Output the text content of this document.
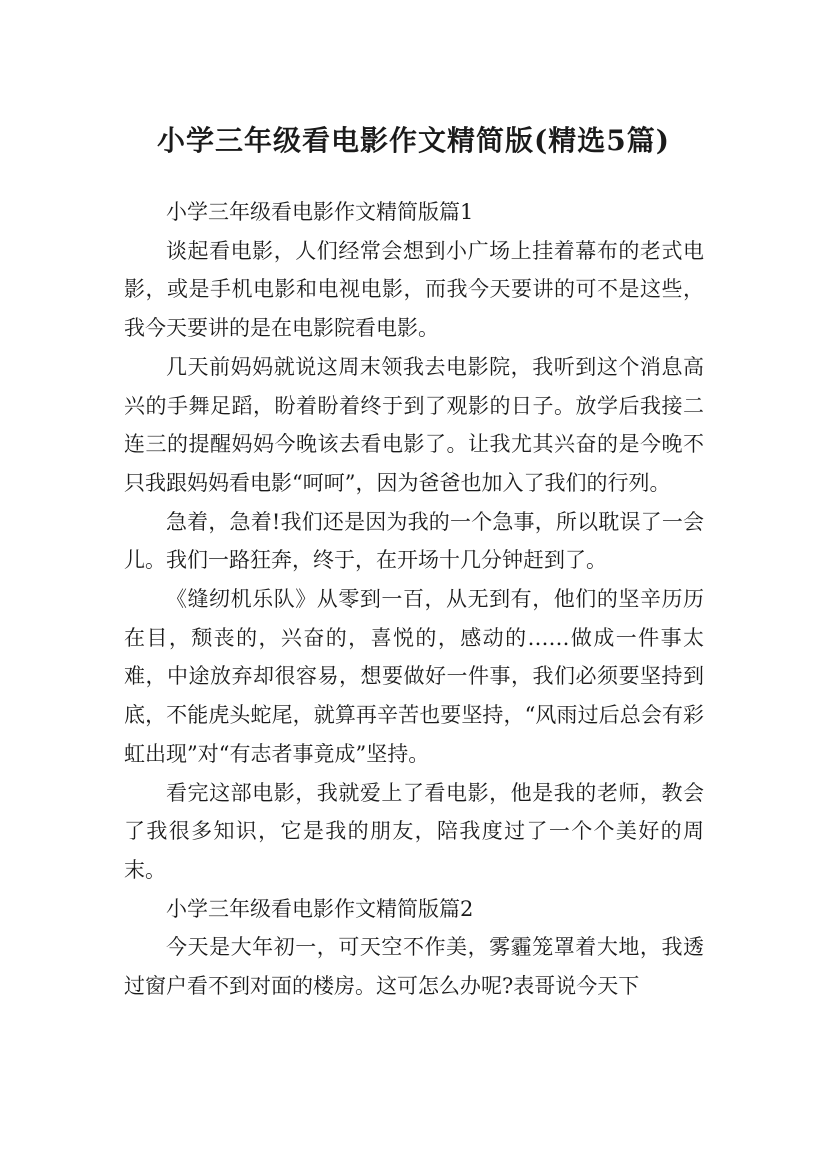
小学三年级看电影作文精简版(精选5篇)

小学三年级看电影作文精简版篇1

谈起看电影，人们经常会想到小广场上挂着幕布的老式电影，或是手机电影和电视电影，而我今天要讲的可不是这些，我今天要讲的是在电影院看电影。

几天前妈妈就说这周末领我去电影院，我听到这个消息高兴的手舞足蹈，盼着盼着终于到了观影的日子。放学后我接二连三的提醒妈妈今晚该去看电影了。让我尤其兴奋的是今晚不只我跟妈妈看电影“呵呵”，因为爸爸也加入了我们的行列。

急着，急着!我们还是因为我的一个急事，所以耽误了一会儿。我们一路狂奔，终于，在开场十几分钟赶到了。

《缝纫机乐队》从零到一百，从无到有，他们的坚辛历历在目，颓丧的，兴奋的，喜悦的，感动的……做成一件事太难，中途放弃却很容易，想要做好一件事，我们必须要坚持到底，不能虎头蛇尾，就算再辛苦也要坚持，“风雨过后总会有彩虹出现”对“有志者事竟成”坚持。

看完这部电影，我就爱上了看电影，他是我的老师，教会了我很多知识，它是我的朋友，陪我度过了一个个美好的周末。

小学三年级看电影作文精简版篇2

今天是大年初一，可天空不作美，雾霾笼罩着大地，我透过窗户看不到对面的楼房。这可怎么办呢?表哥说今天下
